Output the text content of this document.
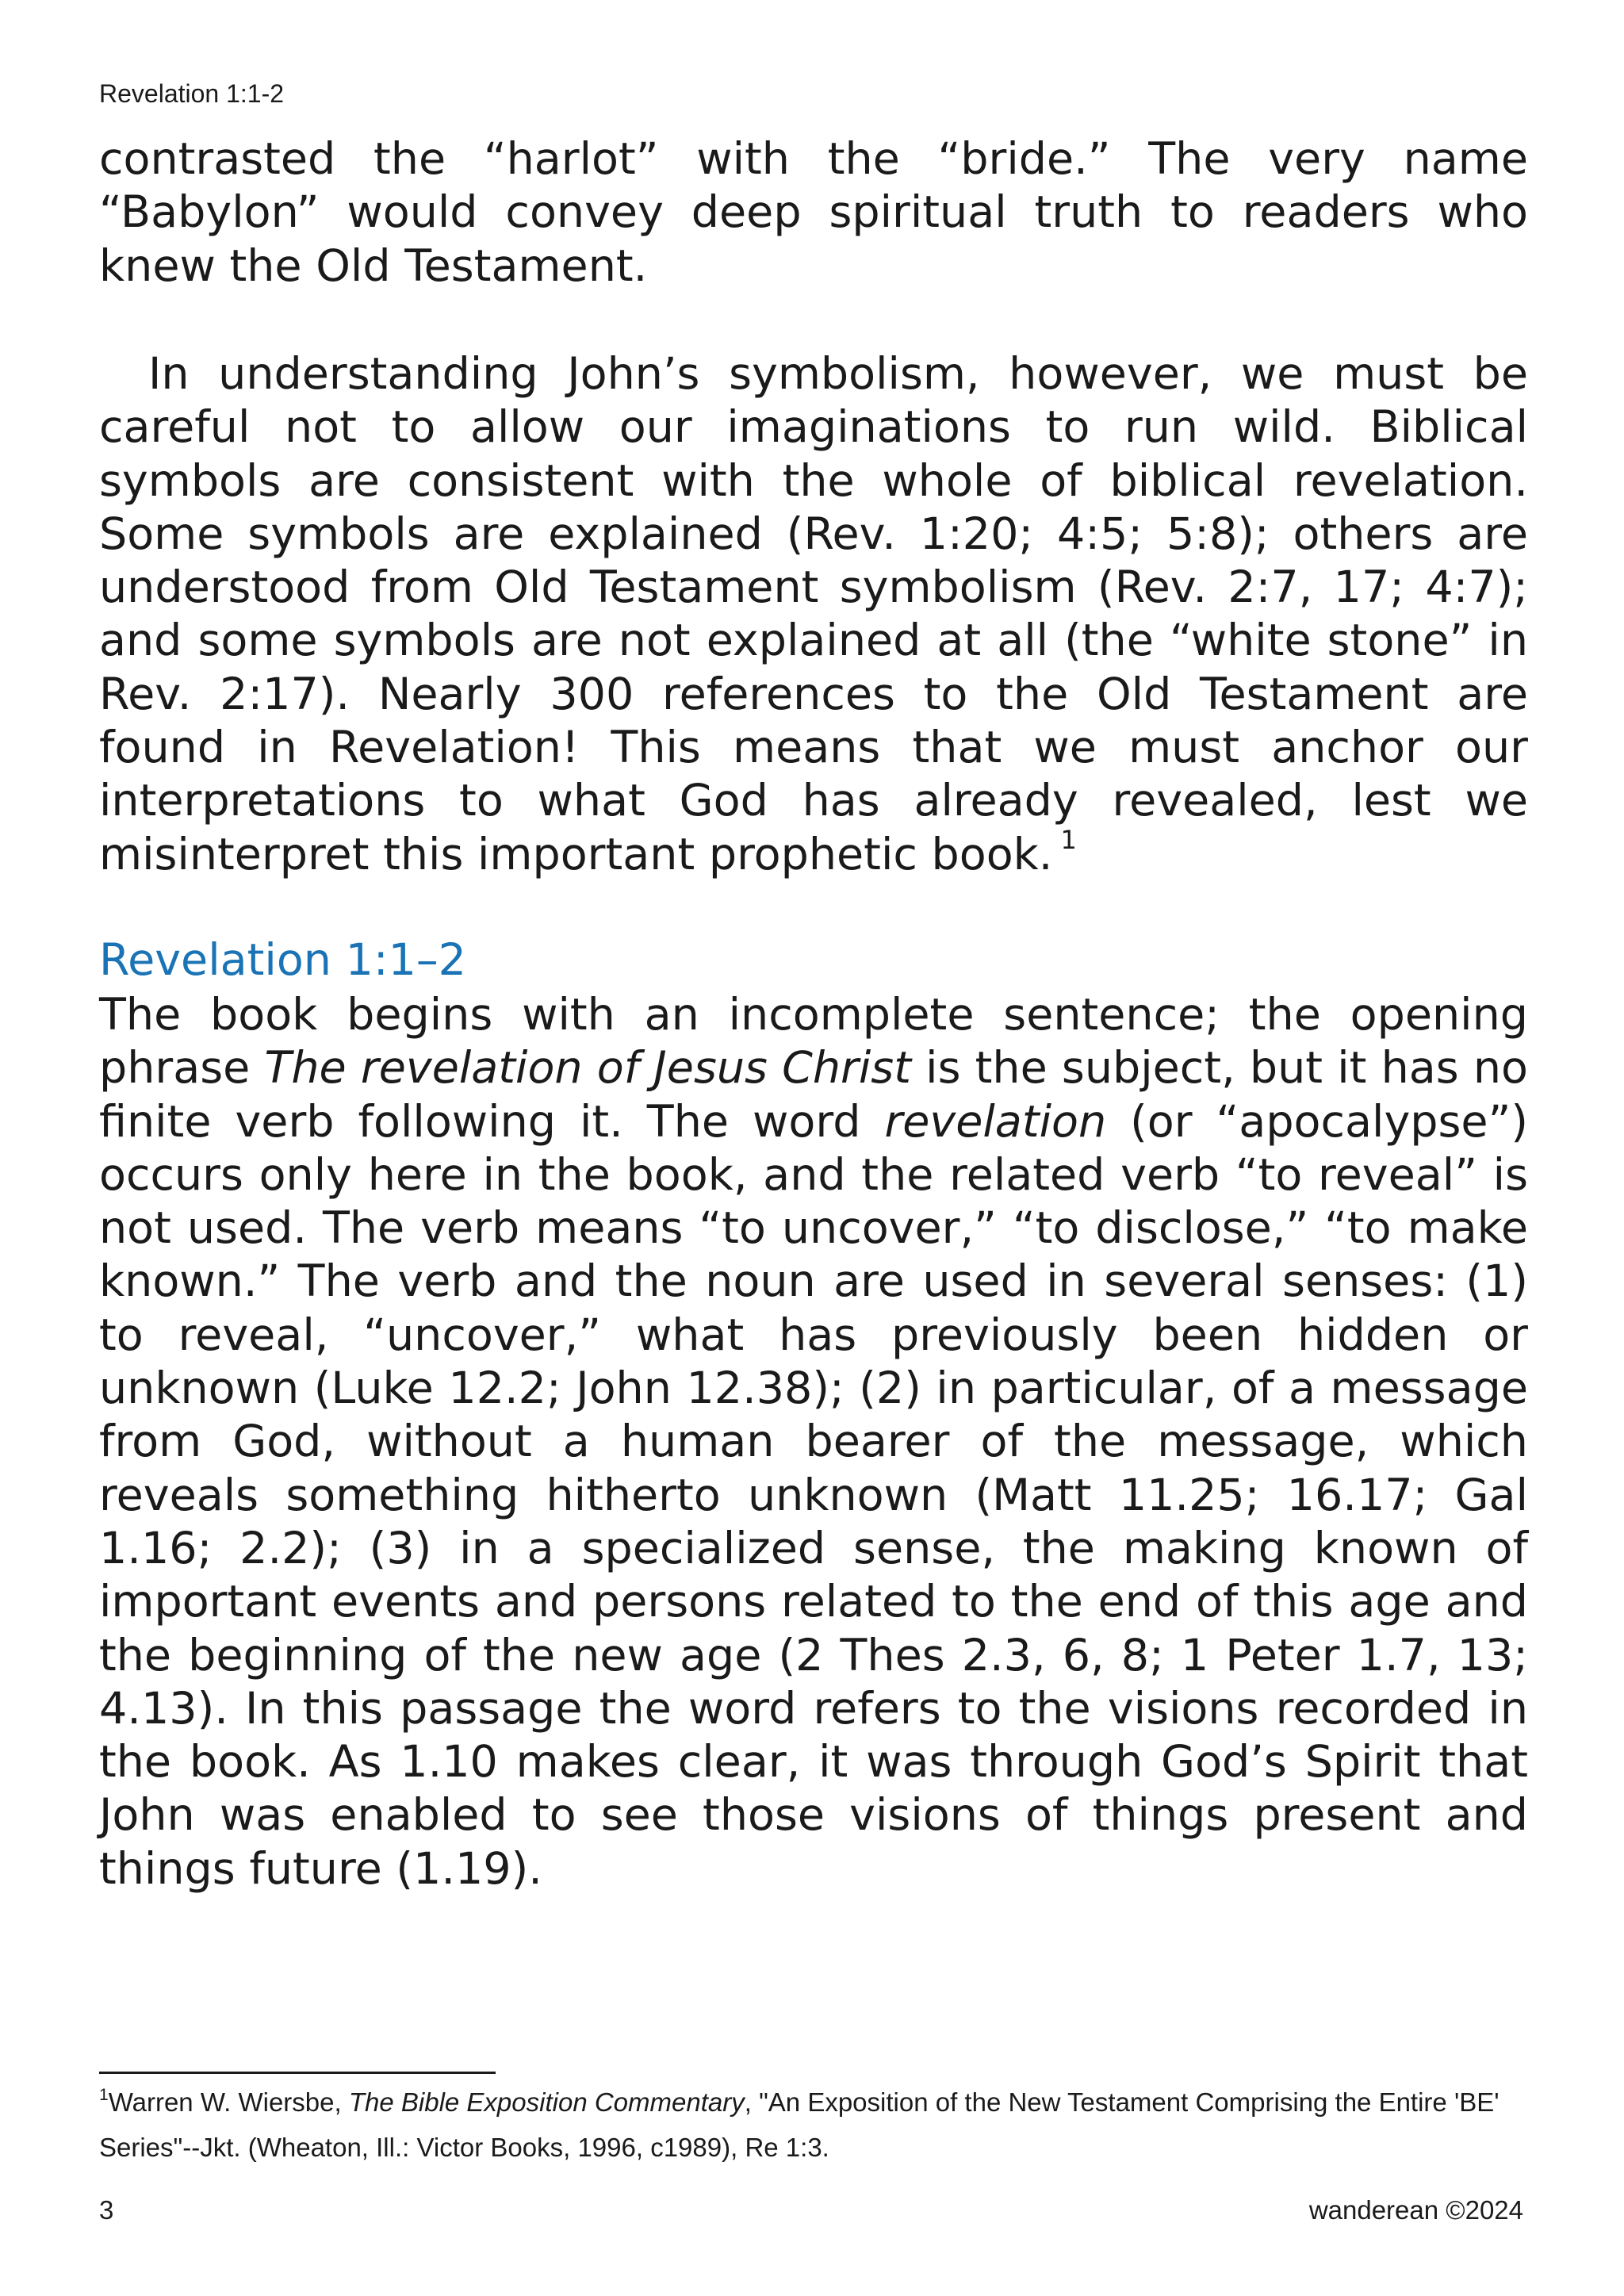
Revelation 1:1-2

contrasted the “harlot” with the “bride.” The very name “Babylon” would convey deep spiritual truth to readers who knew the Old Testament.

In understanding John’s symbolism, however, we must be careful not to allow our imaginations to run wild. Biblical symbols are consistent with the whole of biblical revelation. Some symbols are explained (Rev. 1:20; 4:5; 5:8); others are understood from Old Testament symbolism (Rev. 2:7, 17; 4:7); and some symbols are not explained at all (the “white stone” in Rev. 2:17). Nearly 300 references to the Old Testament are found in Revelation! This means that we must anchor our interpretations to what God has already revealed, lest we misinterpret this important prophetic book. $^1$

Revelation 1:1–2

The book begins with an incomplete sentence; the opening phrase The revelation of Jesus Christ is the subject, but it has no finite verb following it. The word revelation (or “apocalypse”) occurs only here in the book, and the related verb “to reveal” is not used. The verb means “to uncover,” “to disclose,” “to make known.” The verb and the noun are used in several senses: (1) to reveal, “uncover,” what has previously been hidden or unknown (Luke 12.2; John 12.38); (2) in particular, of a message from God, without a human bearer of the message, which reveals something hitherto unknown (Matt 11.25; 16.17; Gal 1.16; 2.2); (3) in a specialized sense, the making known of important events and persons related to the end of this age and the beginning of the new age (2 Thes 2.3, 6, 8; 1 Peter 1.7, 13; 4.13). In this passage the word refers to the visions recorded in the book. As 1.10 makes clear, it was through God’s Spirit that John was enabled to see those visions of things present and things future (1.19).

$^1$Warren W. Wiersbe, The Bible Exposition Commentary, "An Exposition of the New Testament Comprising the Entire 'BE' Series"--Jkt. (Wheaton, Ill.: Victor Books, 1996, c1989), Re 1:3.

3	wanderean ©2024
